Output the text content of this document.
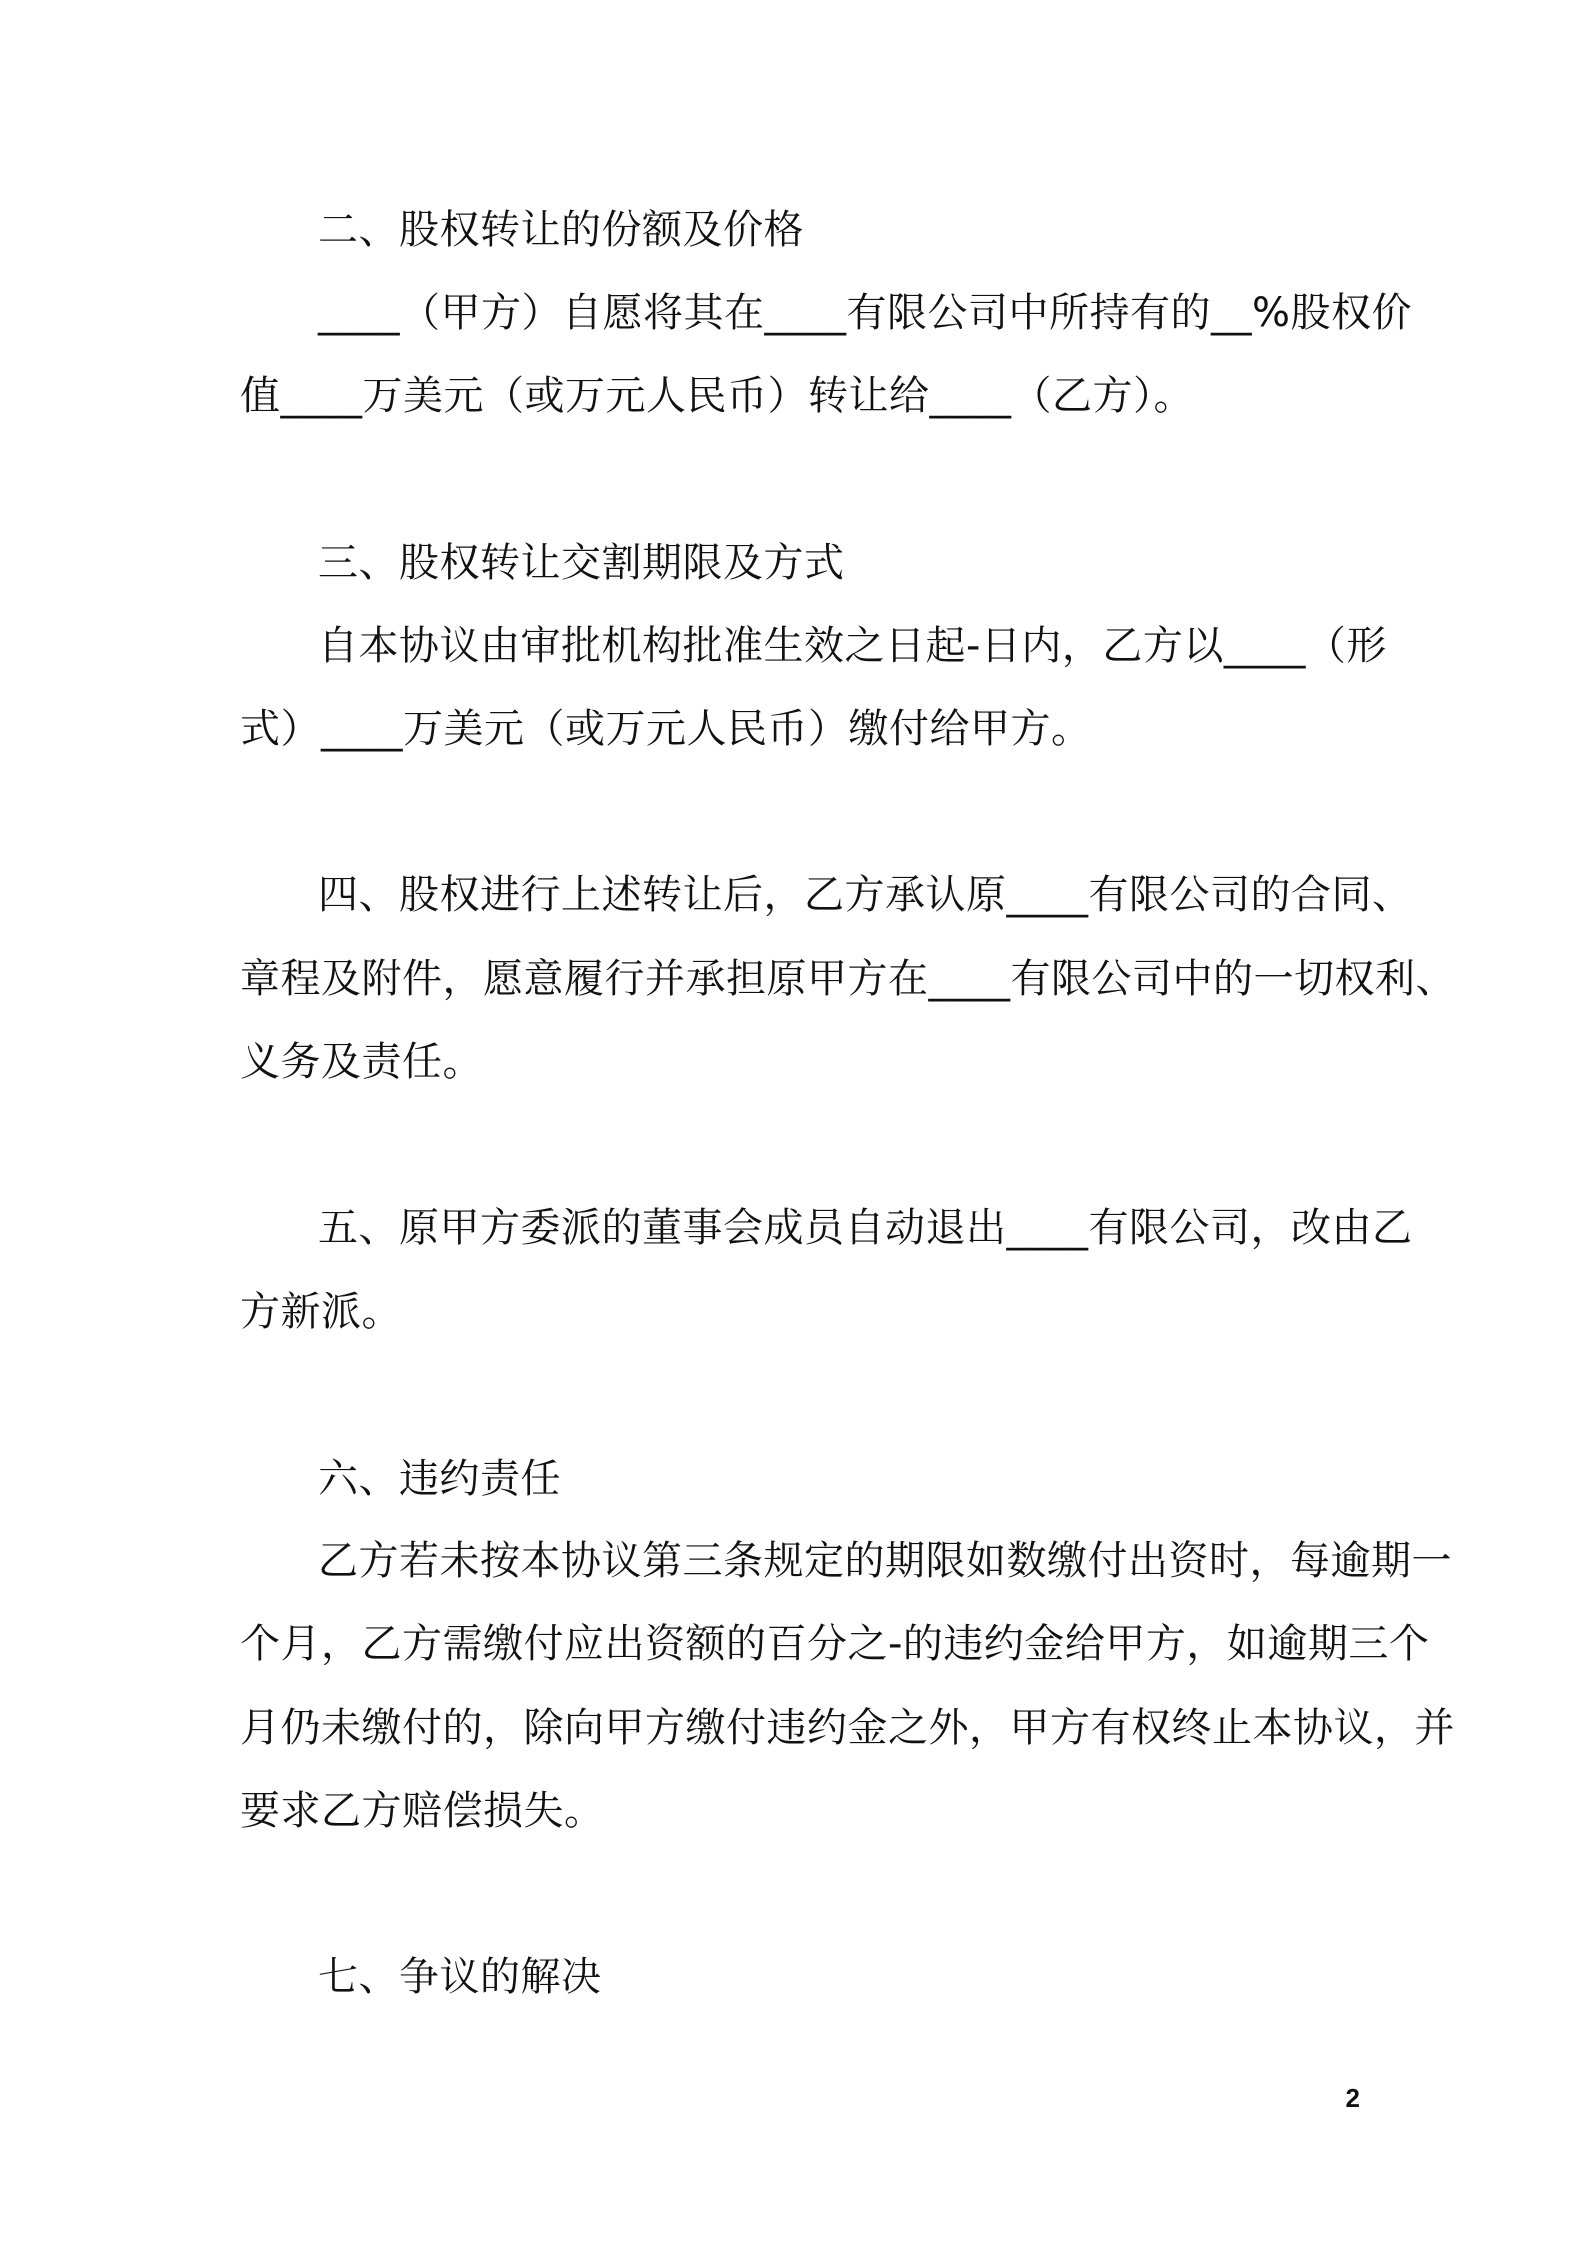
二、股权转让的份额及价格
____（甲方）自愿将其在____有限公司中所持有的__%股权价
值____万美元（或万元人民币）转让给____（乙方）。
三、股权转让交割期限及方式
自本协议由审批机构批准生效之日起-日内，乙方以____（形
式）____万美元（或万元人民币）缴付给甲方。
四、股权进行上述转让后，乙方承认原____有限公司的合同、
章程及附件，愿意履行并承担原甲方在____有限公司中的一切权利、
义务及责任。
五、原甲方委派的董事会成员自动退出____有限公司，改由乙
方新派。
六、违约责任
乙方若未按本协议第三条规定的期限如数缴付出资时，每逾期一
个月，乙方需缴付应出资额的百分之-的违约金给甲方，如逾期三个
月仍未缴付的，除向甲方缴付违约金之外，甲方有权终止本协议，并
要求乙方赔偿损失。
七、争议的解决
2
